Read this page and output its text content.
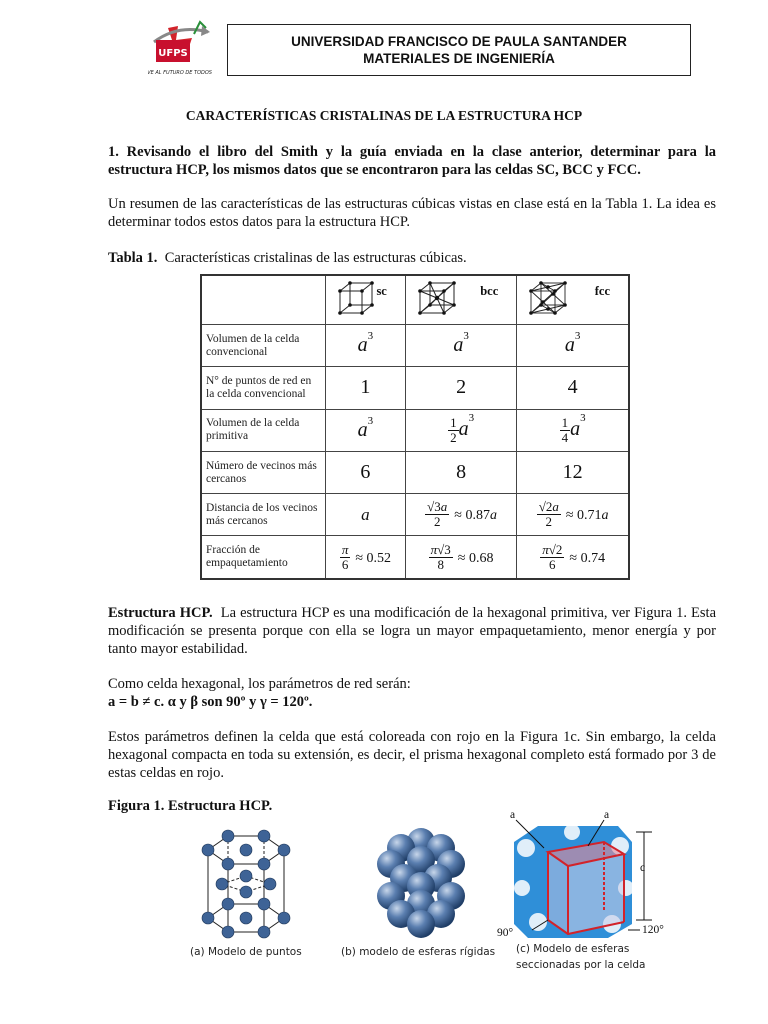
UFPS
AVE AL FUTURO DE TODOS
UNIVERSIDAD FRANCISCO DE PAULA SANTANDER
MATERIALES DE INGENIERÍA
CARACTERÍSTICAS CRISTALINAS DE LA ESTRUCTURA HCP
1. Revisando el libro del Smith y la guía enviada en la clase anterior, determinar para la estructura HCP, los mismos datos que se encontraron para las celdas SC, BCC y FCC.
Un resumen de las características de las estructuras cúbicas vistas en clase está en la Tabla 1. La idea es determinar todos estos datos para la estructura HCP.
Tabla 1. Características cristalinas de las estructuras cúbicas.

	sc	bcc	fcc

Volumen de la celda convencional	$a^3$	$a^3$	$a^3$
N° de puntos de red en la celda convencional	1	2	4
Volumen de la celda primitiva	$a^3$	$\frac{1}{2} a^3$	$\frac{1}{4} a^3$
Número de vecinos más cercanos	6	8	12
Distancia de los vecinos más cercanos	a	$\frac{√3a}{2} \approx 0.87a$	$\frac{√2a}{2} \approx 0.71a$
Fracción de empaquetamiento	$\frac{\pi}{6} \approx 0.52$	$\frac{\pi√3}{8} \approx 0.68$	$\frac{\pi√2}{6} \approx 0.74$
Estructura HCP. La estructura HCP es una modificación de la hexagonal primitiva, ver Figura 1. Esta modificación se presenta porque con ella se logra un mayor empaquetamiento, menor energía y por tanto mayor estabilidad.
Como celda hexagonal, los parámetros de red serán:
a = b ≠ c. α y β son 90º y γ = 120º.
Estos parámetros definen la celda que está coloreada con rojo en la Figura 1c. Sin embargo, la celda hexagonal compacta en toda su extensión, es decir, el prisma hexagonal completo está formado por 3 de estas celdas en rojo.
Figura 1. Estructura HCP.
(a) Modelo de puntos	(b) modelo de esferas rígidas
a	a
c
90°	120°
(c) Modelo de esferas
seccionadas por la celda
